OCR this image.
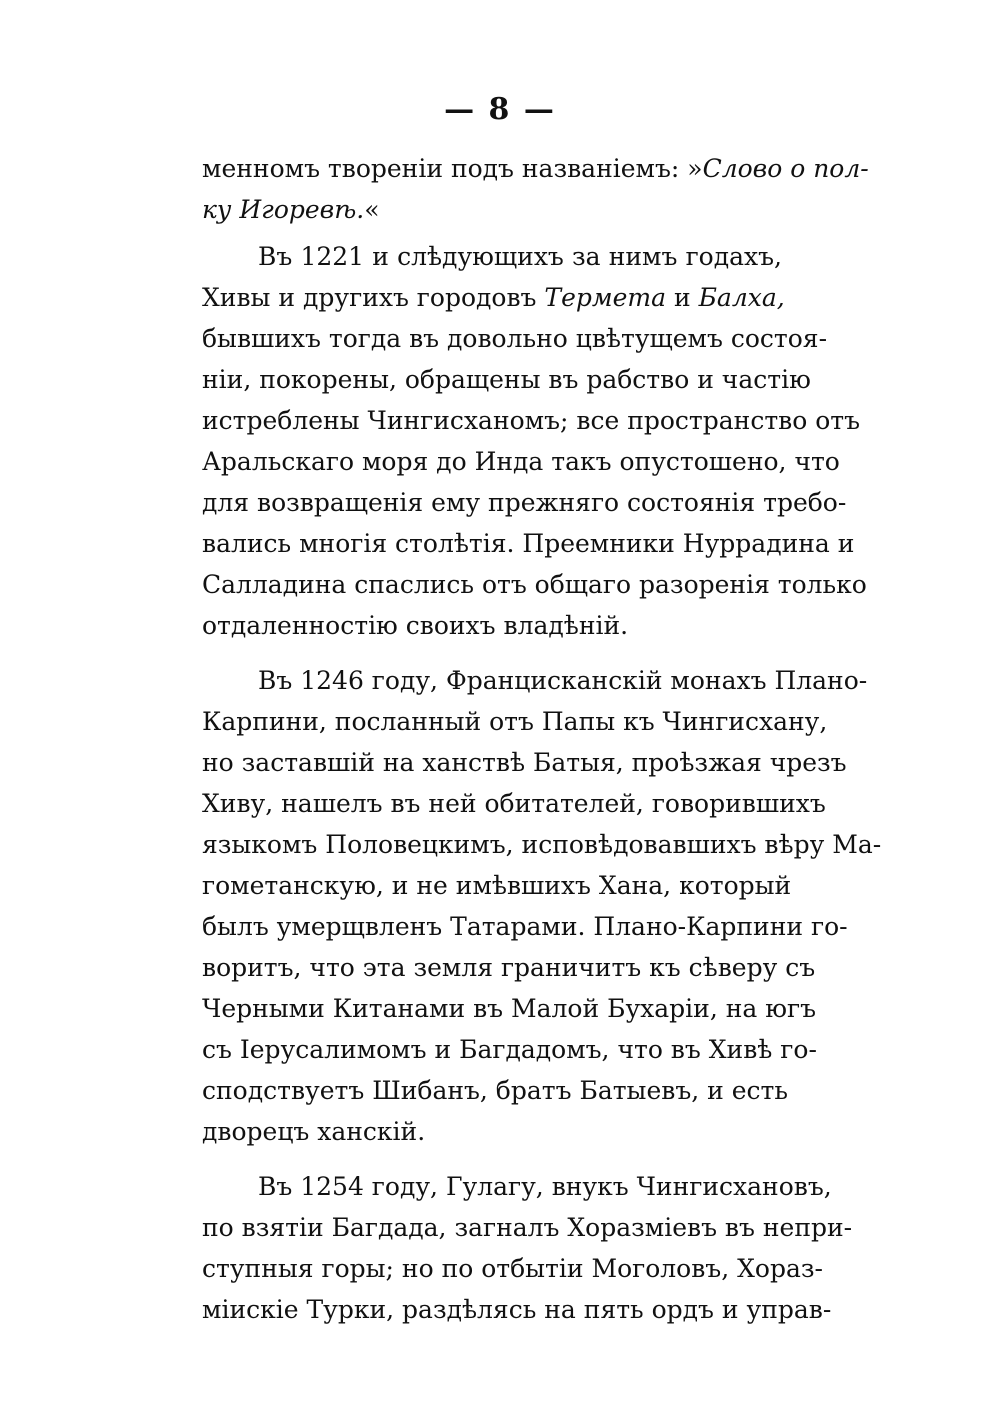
— 8 —
менномъ твореніи подъ названіемъ: »Слово о пол-
ку Игоревѣ.«
Въ 1221 и слѣдующихъ за нимъ годахъ,
Хивы и другихъ городовъ Термета и Балха,
бывшихъ тогда въ довольно цвѣтущемъ состоя-
ніи, покорены, обращены въ рабство и частію
истреблены Чингисханомъ; все пространство отъ
Аральскаго моря до Инда такъ опустошено, что
для возвращенія ему прежняго состоянія требо-
вались многія столѣтія. Преемники Нуррадина и
Салладина спаслись отъ общаго разоренія только
отдаленностію своихъ владѣній.
Въ 1246 году, Францисканскій монахъ Плано-
Карпини, посланный отъ Папы къ Чингисхану,
но заставшій на ханствѣ Батыя, проѣзжая чрезъ
Хиву, нашелъ въ ней обитателей, говорившихъ
языкомъ Половецкимъ, исповѣдовавшихъ вѣру Ма-
гометанскую, и не имѣвшихъ Хана, который
былъ умерщвленъ Татарами. Плано-Карпини го-
воритъ, что эта земля граничитъ къ сѣверу съ
Черными Китанами въ Малой Бухаріи, на югъ
съ Іерусалимомъ и Багдадомъ, что въ Хивѣ го-
сподствуетъ Шибанъ, братъ Батыевъ, и есть
дворецъ ханскій.
Въ 1254 году, Гулагу, внукъ Чингисхановъ,
по взятіи Багдада, загналъ Хоразміевъ въ непри-
ступныя горы; но по отбытіи Моголовъ, Хораз-
міискіе Турки, раздѣлясь на пять ордъ и управ-
